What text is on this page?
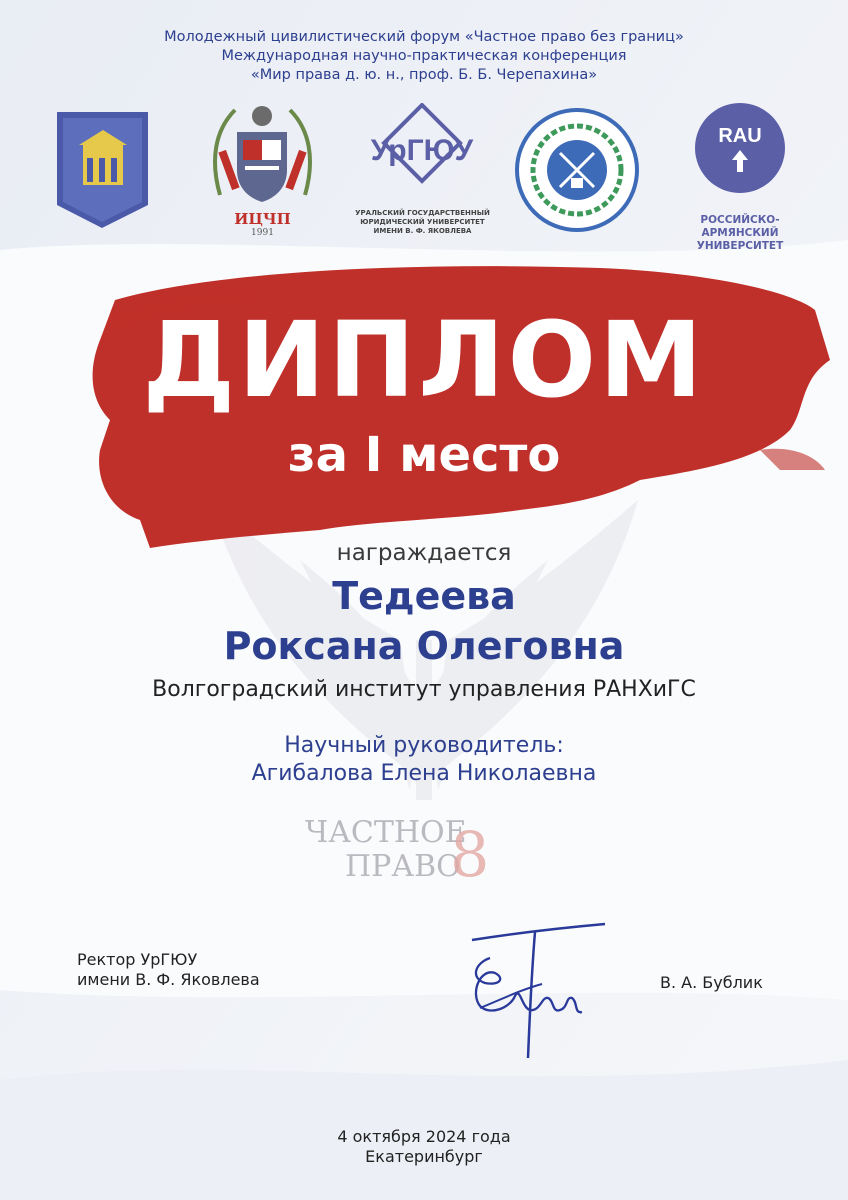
Молодежный цивилистический форум «Частное право без границ»
Международная научно-практическая конференция
«Мир права д. ю. н., проф. Б. Б. Черепахина»
ИЦЧП
1991
УрГЮУ
УРАЛЬСКИЙ ГОСУДАРСТВЕННЫЙ
ЮРИДИЧЕСКИЙ УНИВЕРСИТЕТ
ИМЕНИ В. Ф. ЯКОВЛЕВА
RAU
РОССИЙСКО-АРМЯНСКИЙ
УНИВЕРСИТЕТ
ДИПЛОМ
за I место
награждается
Тедеева
Роксана Олеговна
Волгоградский институт управления РАНХиГС
Научный руководитель:
Агибалова Елена Николаевна
ЧАСТНОЕ
ПРАВО
8
Ректор УрГЮУ
имени В. Ф. Яковлева	В. А. Бублик
4 октября 2024 года
Екатеринбург
